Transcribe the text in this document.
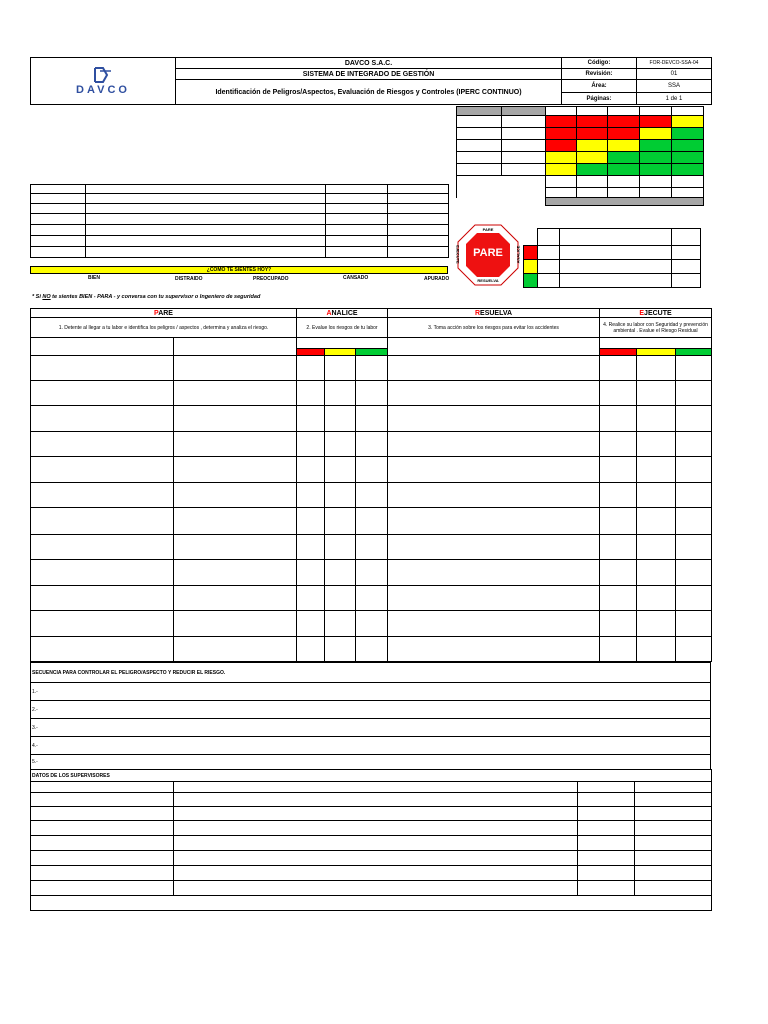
DAVCO	DAVCO S.A.C.	Código:	FOR-DEVCO-SSA-04
	SISTEMA DE INTEGRADO DE GESTIÓN	Revisión:	01
	Identificación de Peligros/Aspectos, Evaluación de Riesgos y Controles (IPERC CONTINUO)	Área:	SSA
		Páginas:	1 de 1

¿COMO TE SIENTES HOY?
BIEN	DISTRAIDO	PREOCUPADO	CANSADO	APURADO
* Si NO te sientes BIEN - PARA - y conversa con tu supervisor o Ingeniero de seguridad
PARE
PARE
RESUELVA
EJECUTE	ANALICE

PARE		ANALICE			RESUELVA	EJECUTE		
1. Detente al llegar a tu labor e identifica los peligros / aspectos , determina y analiza el riesgo.		2. Evalue los riesgos de tu labor			3. Toma acción sobre los riesgos para evitar los accidentes	4. Realice su labor con Seguridad y prevención ambiental . Evalue el Riesgo Residual		

SECUENCIA PARA CONTROLAR EL PELIGRO/ASPECTO Y REDUCIR EL RIESGO.
1.-
2.-
3.-
4.-
5.-
DATOS DE LOS SUPERVISORES			
